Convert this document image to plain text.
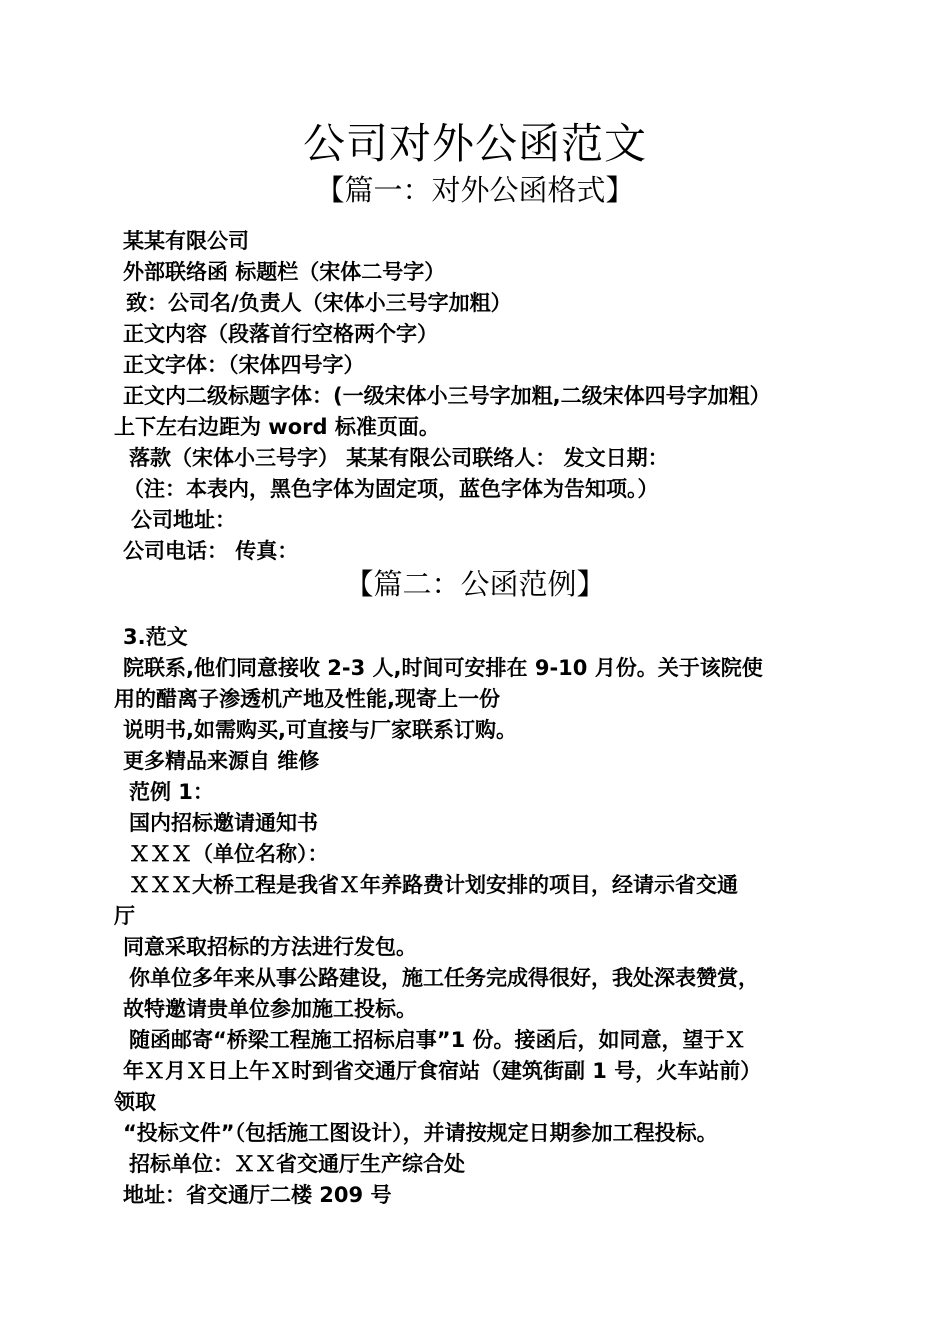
公司对外公函范文
【篇一：对外公函格式】
某某有限公司
外部联络函 标题栏（宋体二号字）
致：公司名/负责人（宋体小三号字加粗）
正文内容（段落首行空格两个字）
正文字体：（宋体四号字）
正文内二级标题字体：(一级宋体小三号字加粗,二级宋体四号字加粗）
上下左右边距为 word 标准页面。
落款（宋体小三号字） 某某有限公司联络人： 发文日期：
（注：本表内，黑色字体为固定项，蓝色字体为告知项。）
公司地址：
公司电话： 传真：
【篇二：公函范例】
3.范文
院联系,他们同意接收 2-3 人,时间可安排在 9-10 月份。关于该院使
用的醋离子渗透机产地及性能,现寄上一份
说明书,如需购买,可直接与厂家联系订购。
更多精品来源自 维修
范例 1：
国内招标邀请通知书
ＸＸＸ（单位名称）：
ＸＸＸ大桥工程是我省Ｘ年养路费计划安排的项目，经请示省交通
厅
同意采取招标的方法进行发包。
你单位多年来从事公路建设，施工任务完成得很好，我处深表赞赏，
故特邀请贵单位参加施工投标。
随函邮寄“桥梁工程施工招标启事”1 份。接函后，如同意，望于Ｘ
年Ｘ月Ｘ日上午Ｘ时到省交通厅食宿站（建筑街副 1 号，火车站前）
领取
“投标文件”（包括施工图设计），并请按规定日期参加工程投标。
招标单位：ＸＸ省交通厅生产综合处
地址：省交通厅二楼 209 号
